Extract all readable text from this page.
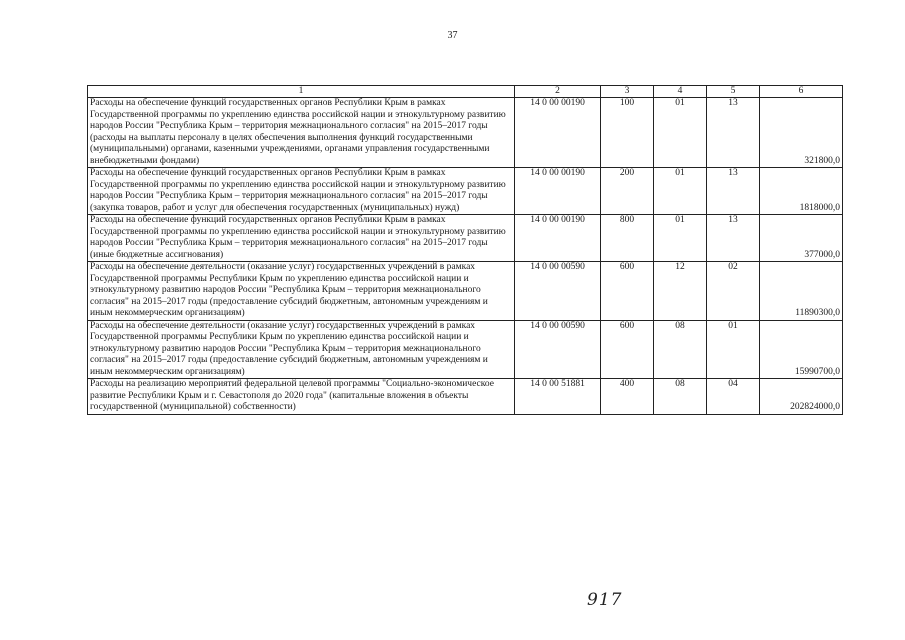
37
1	2	3	4	5	6
Расходы на обеспечение функций государственных органов Республики Крым в рамках Государственной программы по укреплению единства российской нации и этнокультурному развитию народов России "Республика Крым – территория межнационального согласия" на 2015–2017 годы (расходы на выплаты персоналу в целях обеспечения выполнения функций государственными (муниципальными) органами, казенными учреждениями, органами управления государственными внебюджетными фондами)	14 0 00 00190	100	01	13	321800,0
Расходы на обеспечение функций государственных органов Республики Крым в рамках Государственной программы по укреплению единства российской нации и этнокультурному развитию народов России "Республика Крым – территория межнационального согласия" на 2015–2017 годы (закупка товаров, работ и услуг для обеспечения государственных (муниципальных) нужд)	14 0 00 00190	200	01	13	1818000,0
Расходы на обеспечение функций государственных органов Республики Крым в рамках Государственной программы по укреплению единства российской нации и этнокультурному развитию народов России "Республика Крым – территория межнационального согласия" на 2015–2017 годы (иные бюджетные ассигнования)	14 0 00 00190	800	01	13	377000,0
Расходы на обеспечение деятельности (оказание услуг) государственных учреждений в рамках Государственной программы Республики Крым по укреплению единства российской нации и этнокультурному развитию народов России "Республика Крым – территория межнационального согласия" на 2015–2017 годы (предоставление субсидий бюджетным, автономным учреждениям и иным некоммерческим организациям)	14 0 00 00590	600	12	02	11890300,0
Расходы на обеспечение деятельности (оказание услуг) государственных учреждений в рамках Государственной программы Республики Крым по укреплению единства российской нации и этнокультурному развитию народов России "Республика Крым – территория межнационального согласия" на 2015–2017 годы (предоставление субсидий бюджетным, автономным учреждениям и иным некоммерческим организациям)	14 0 00 00590	600	08	01	15990700,0
Расходы на реализацию мероприятий федеральной целевой программы "Социально-экономическое развитие Республики Крым и г. Севастополя до 2020 года" (капитальные вложения в объекты государственной (муниципальной) собственности)	14 0 00 51881	400	08	04	202824000,0
917
